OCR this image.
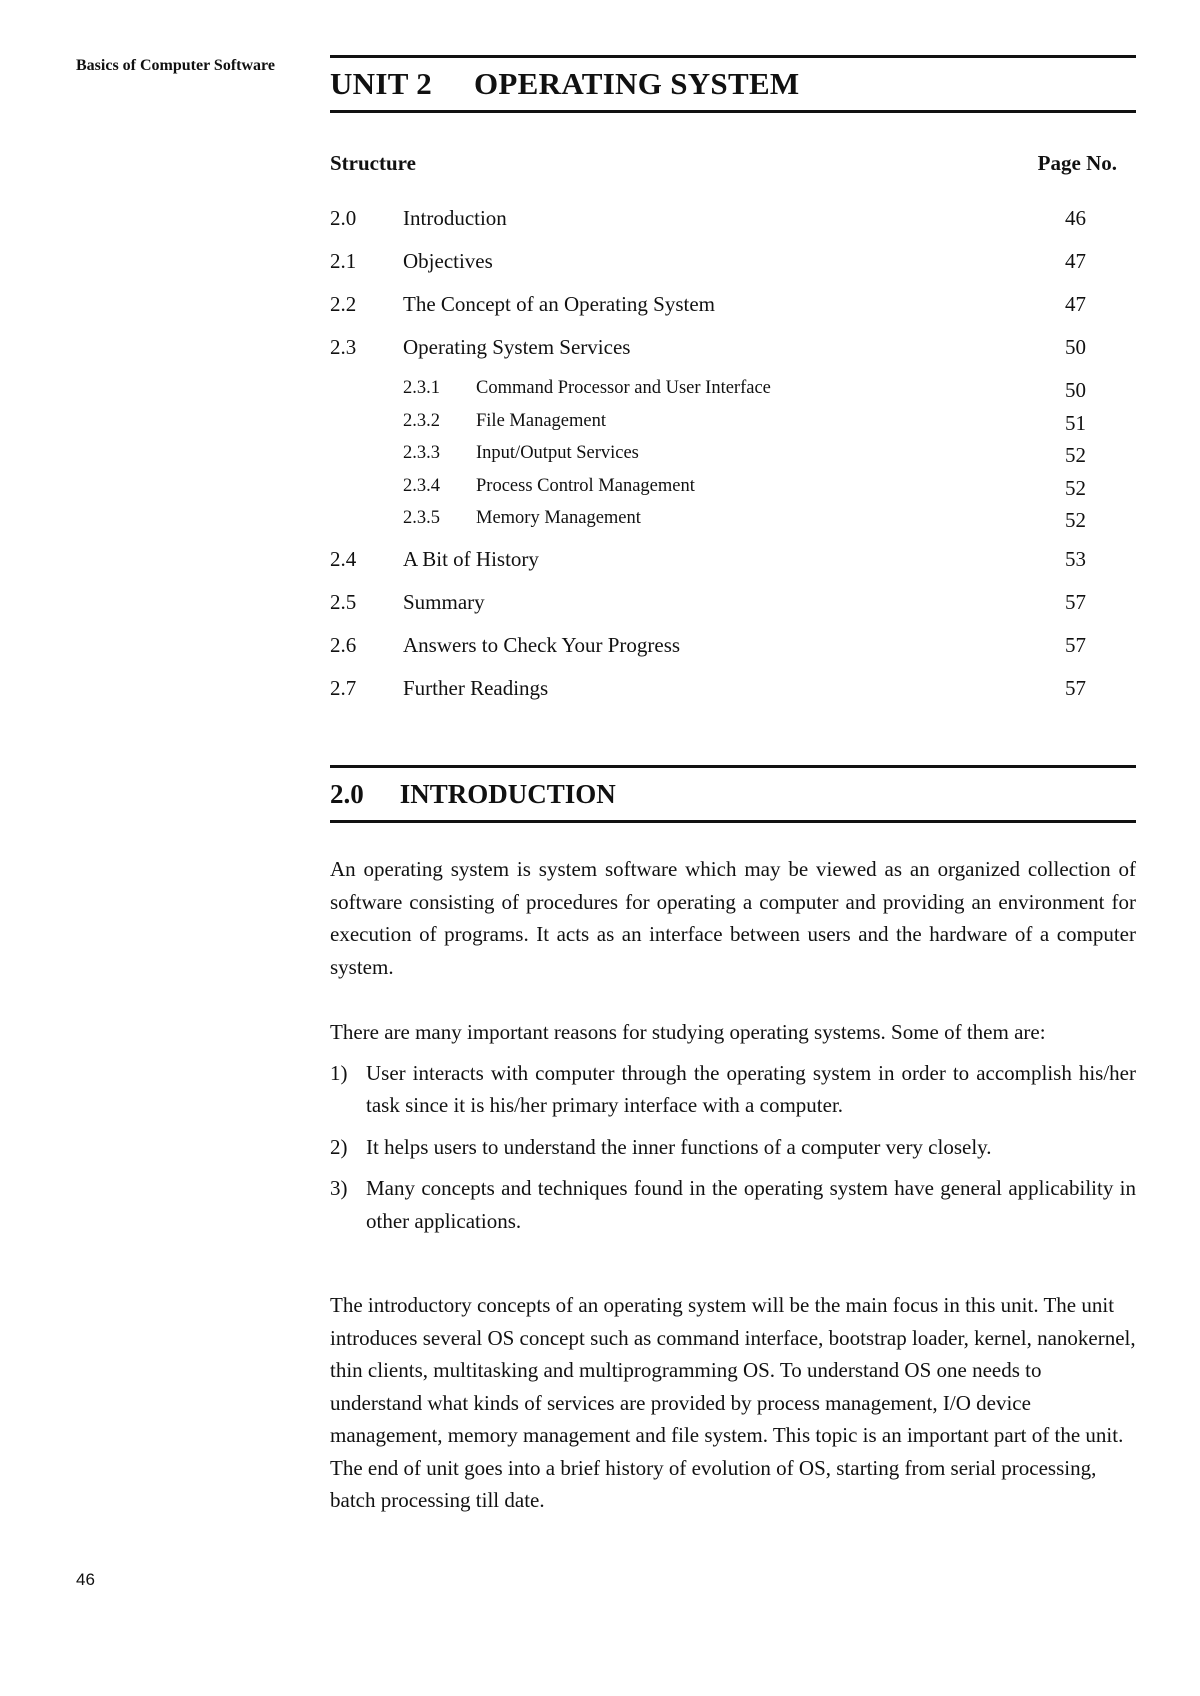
Basics of Computer Software
UNIT 2 OPERATING SYSTEM
Structure	Page No.
2.0	Introduction	46
2.1	Objectives	47
2.2	The Concept of an Operating System	47
2.3	Operating System Services	50
2.3.1	Command Processor and User Interface	50
2.3.2	File Management	51
2.3.3	Input/Output Services	52
2.3.4	Process Control Management	52
2.3.5	Memory Management	52
2.4	A Bit of History	53
2.5	Summary	57
2.6	Answers to Check Your Progress	57
2.7	Further Readings	57
2.0 INTRODUCTION

An operating system is system software which may be viewed as an organized collection of software consisting of procedures for operating a computer and providing an environment for execution of programs. It acts as an interface between users and the hardware of a computer system.

There are many important reasons for studying operating systems. Some of them are:

1) User interacts with computer through the operating system in order to accomplish his/her task since it is his/her primary interface with a computer.
2) It helps users to understand the inner functions of a computer very closely.
3) Many concepts and techniques found in the operating system have general applicability in other applications.

The introductory concepts of an operating system will be the main focus in this unit. The unit introduces several OS concept such as command interface, bootstrap loader, kernel, nanokernel, thin clients, multitasking and multiprogramming OS. To understand OS one needs to understand what kinds of services are provided by process management, I/O device management, memory management and file system. This topic is an important part of the unit. The end of unit goes into a brief history of evolution of OS, starting from serial processing, batch processing till date.

46
